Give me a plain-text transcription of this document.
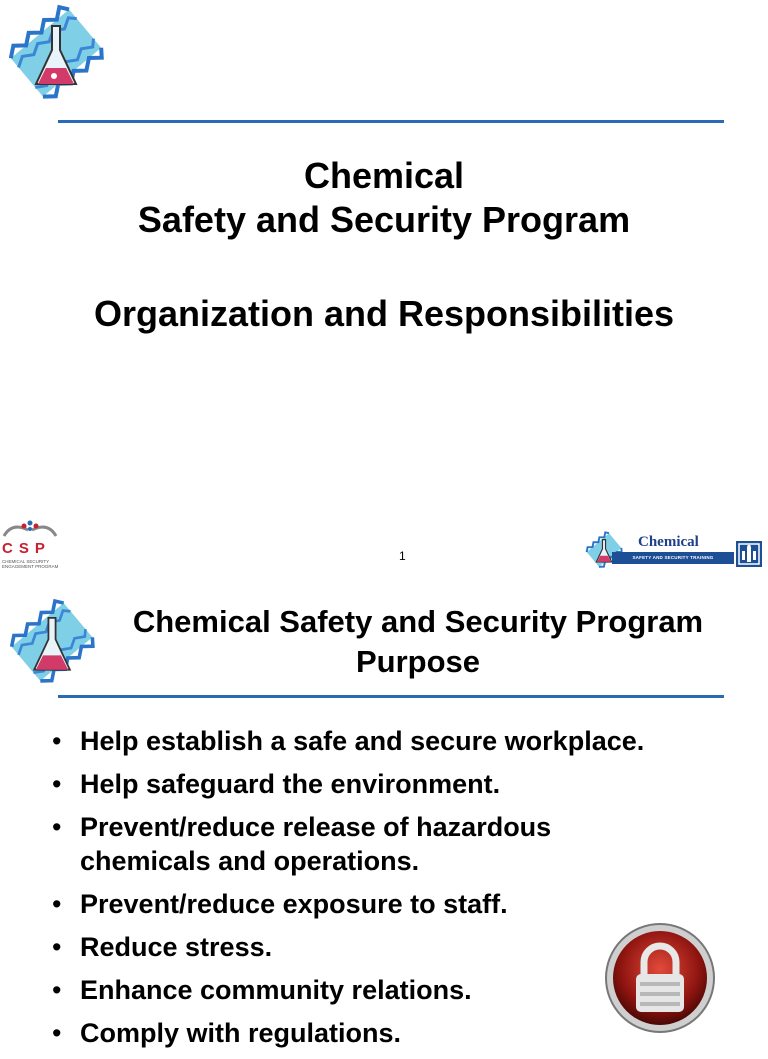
Chemical
Safety and Security Program
Organization and Responsibilities
1
CSP
CHEMICAL SECURITY ENGAGEMENT PROGRAM
Chemical
SAFETY AND SECURITY TRAINING
Chemical Safety and Security Program
Purpose
• Help establish a safe and secure workplace.
• Help safeguard the environment.
• Prevent/reduce release of hazardous chemicals and operations.
• Prevent/reduce exposure to staff.
• Reduce stress.
• Enhance community relations.
• Comply with regulations.
